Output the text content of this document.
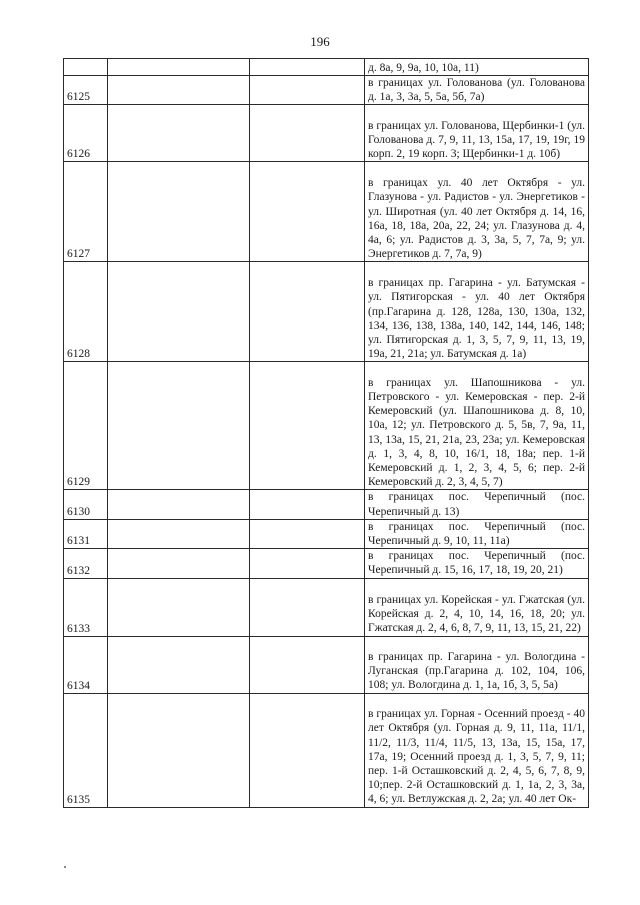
196
			д. 8а, 9, 9а, 10, 10а, 11)
6125			в границах ул. Голованова (ул. Голованова д. 1а, 3, 3а, 5, 5а, 5б, 7а)
6126			в границах ул. Голованова, Щербинки-1 (ул. Голованова д. 7, 9, 11, 13, 15а, 17, 19, 19г, 19 корп. 2, 19 корп. 3; Щербинки-1 д. 10б)
6127			в границах ул. 40 лет Октября - ул. Глазунова - ул. Радистов - ул. Энергетиков - ул. Широтная (ул. 40 лет Октября д. 14, 16, 16а, 18, 18а, 20а, 22, 24; ул. Глазунова д. 4, 4а, 6; ул. Радистов д. 3, 3а, 5, 7, 7а, 9; ул. Энергетиков д. 7, 7а, 9)
6128			в границах пр. Гагарина - ул. Батумская - ул. Пятигорская - ул. 40 лет Октября (пр.Гагарина д. 128, 128а, 130, 130а, 132, 134, 136, 138, 138а, 140, 142, 144, 146, 148; ул. Пятигорская д. 1, 3, 5, 7, 9, 11, 13, 19, 19а, 21, 21а; ул. Батумская д. 1а)
6129			в границах ул. Шапошникова - ул. Петровского - ул. Кемеровская - пер. 2-й Кемеровский (ул. Шапошникова д. 8, 10, 10а, 12; ул. Петровского д. 5, 5в, 7, 9а, 11, 13, 13а, 15, 21, 21а, 23, 23а; ул. Кемеровская д. 1, 3, 4, 8, 10, 16/1, 18, 18а; пер. 1-й Кемеровский д. 1, 2, 3, 4, 5, 6; пер. 2-й Кемеровский д. 2, 3, 4, 5, 7)
6130			в границах пос. Черепичный (пос. Черепичный д. 13)
6131			в границах пос. Черепичный (пос. Черепичный д. 9, 10, 11, 11а)
6132			в границах пос. Черепичный (пос. Черепичный д. 15, 16, 17, 18, 19, 20, 21)
6133			в границах ул. Корейская - ул. Гжатская (ул. Корейская д. 2, 4, 10, 14, 16, 18, 20; ул. Гжатская д. 2, 4, 6, 8, 7, 9, 11, 13, 15, 21, 22)
6134			в границах пр. Гагарина - ул. Вологдина - Луганская (пр.Гагарина д. 102, 104, 106, 108; ул. Вологдина д. 1, 1а, 1б, 3, 5, 5а)
6135			в границах ул. Горная - Осенний проезд - 40 лет Октября (ул. Горная д. 9, 11, 11а, 11/1, 11/2, 11/3, 11/4, 11/5, 13, 13а, 15, 15а, 17, 17а, 19; Осенний проезд д. 1, 3, 5, 7, 9, 11; пер. 1-й Осташковский д. 2, 4, 5, 6, 7, 8, 9, 10;пер. 2-й Осташковский д. 1, 1а, 2, 3, 3а, 4, 6; ул. Ветлужская д. 2, 2а; ул. 40 лет Ок-
